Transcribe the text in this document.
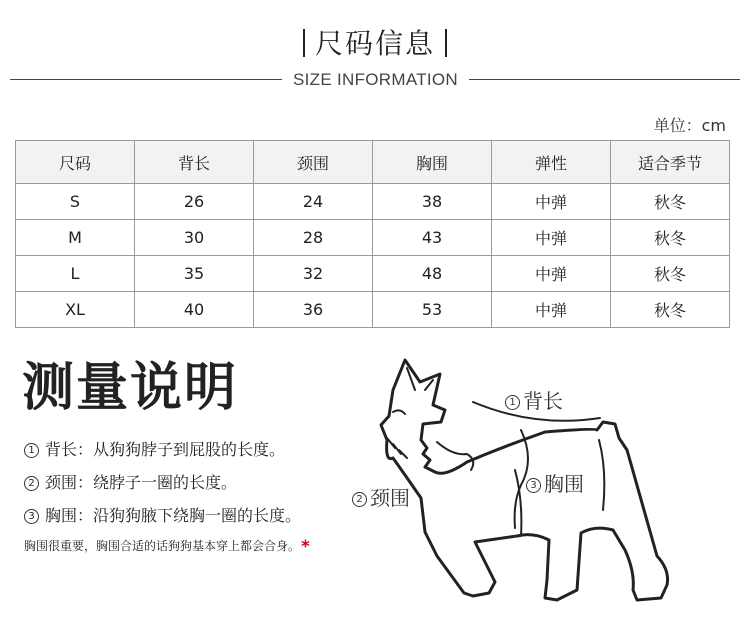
尺码信息
SIZE INFORMATION
单位：cm
尺码	背长	颈围	胸围	弹性	适合季节
S	26	24	38	中弹	秋冬
M	30	28	43	中弹	秋冬
L	35	32	48	中弹	秋冬
XL	40	36	53	中弹	秋冬
测量说明
1 背长：从狗狗脖子到屁股的长度。
2 颈围：绕脖子一圈的长度。
3 胸围：沿狗狗腋下绕胸一圈的长度。
胸围很重要，胸围合适的话狗狗基本穿上都会合身。*
1 背长
2 颈围
3 胸围
